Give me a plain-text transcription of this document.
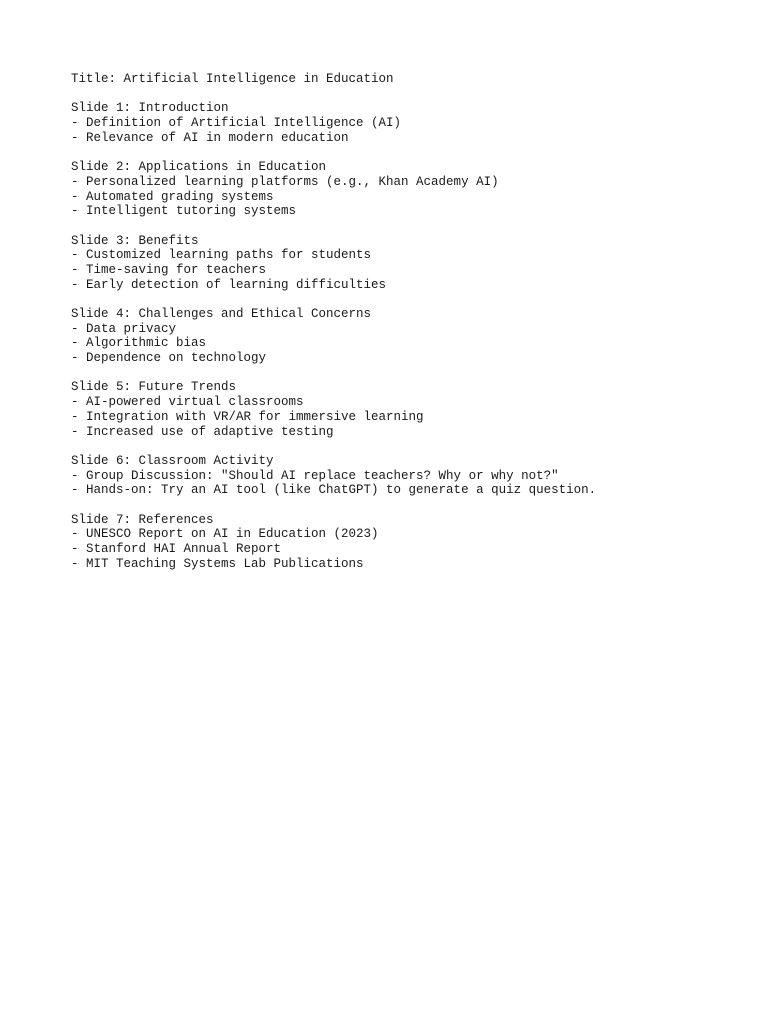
Title: Artificial Intelligence in Education
Slide 1: Introduction
- Definition of Artificial Intelligence (AI)
- Relevance of AI in modern education
Slide 2: Applications in Education
- Personalized learning platforms (e.g., Khan Academy AI)
- Automated grading systems
- Intelligent tutoring systems
Slide 3: Benefits
- Customized learning paths for students
- Time-saving for teachers
- Early detection of learning difficulties
Slide 4: Challenges and Ethical Concerns
- Data privacy
- Algorithmic bias
- Dependence on technology
Slide 5: Future Trends
- AI-powered virtual classrooms
- Integration with VR/AR for immersive learning
- Increased use of adaptive testing
Slide 6: Classroom Activity
- Group Discussion: "Should AI replace teachers? Why or why not?"
- Hands-on: Try an AI tool (like ChatGPT) to generate a quiz question.
Slide 7: References
- UNESCO Report on AI in Education (2023)
- Stanford HAI Annual Report
- MIT Teaching Systems Lab Publications
